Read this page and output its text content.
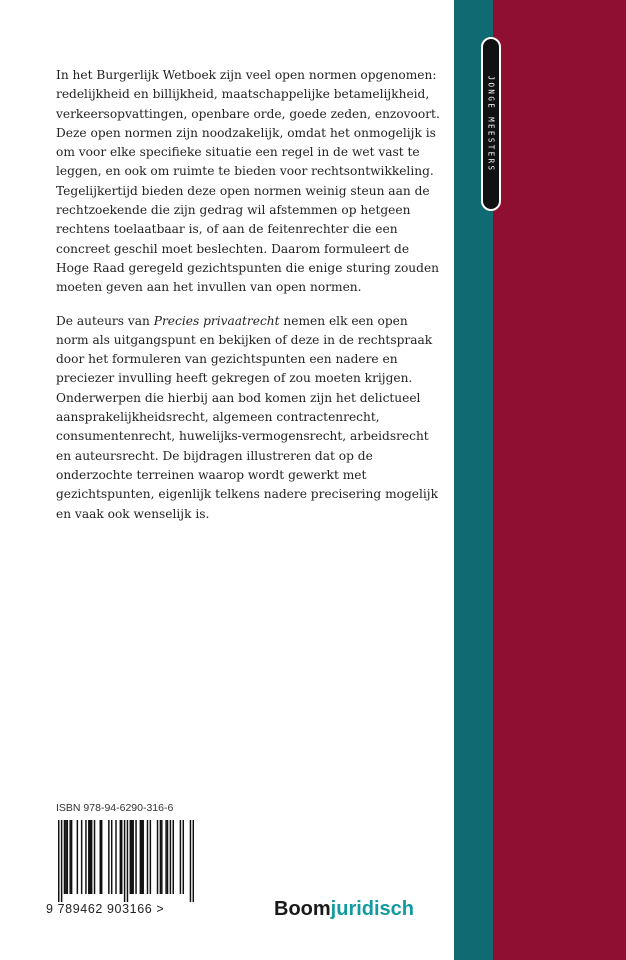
JONGE MEESTERS

In het Burgerlijk Wetboek zijn veel open normen opgenomen: redelijkheid en billijkheid, maatschappelijke betamelijkheid, verkeersopvattingen, openbare orde, goede zeden, enzovoort. Deze open normen zijn noodzakelijk, omdat het onmogelijk is om voor elke specifieke situatie een regel in de wet vast te leggen, en ook om ruimte te bieden voor rechtsontwikkeling. Tegelijkertijd bieden deze open normen weinig steun aan de rechtzoekende die zijn gedrag wil afstemmen op hetgeen rechtens toelaatbaar is, of aan de feitenrechter die een concreet geschil moet beslechten. Daarom formuleert de Hoge Raad geregeld gezichtspunten die enige sturing zouden moeten geven aan het invullen van open normen.

De auteurs van Precies privaatrecht nemen elk een open norm als uitgangspunt en bekijken of deze in de rechtspraak door het formuleren van gezichtspunten een nadere en preciezer invulling heeft gekregen of zou moeten krijgen. Onderwerpen die hierbij aan bod komen zijn het delictueel aansprakelijkheidsrecht, algemeen contractenrecht, consumentenrecht, huwelijks-vermogensrecht, arbeidsrecht en auteursrecht. De bijdragen illustreren dat op de onderzochte terreinen waarop wordt gewerkt met gezichtspunten, eigenlijk telkens nadere precisering mogelijk en vaak ook wenselijk is.

ISBN 978-94-6290-316-6
9 789462 903166 >	Boomjuridisch
